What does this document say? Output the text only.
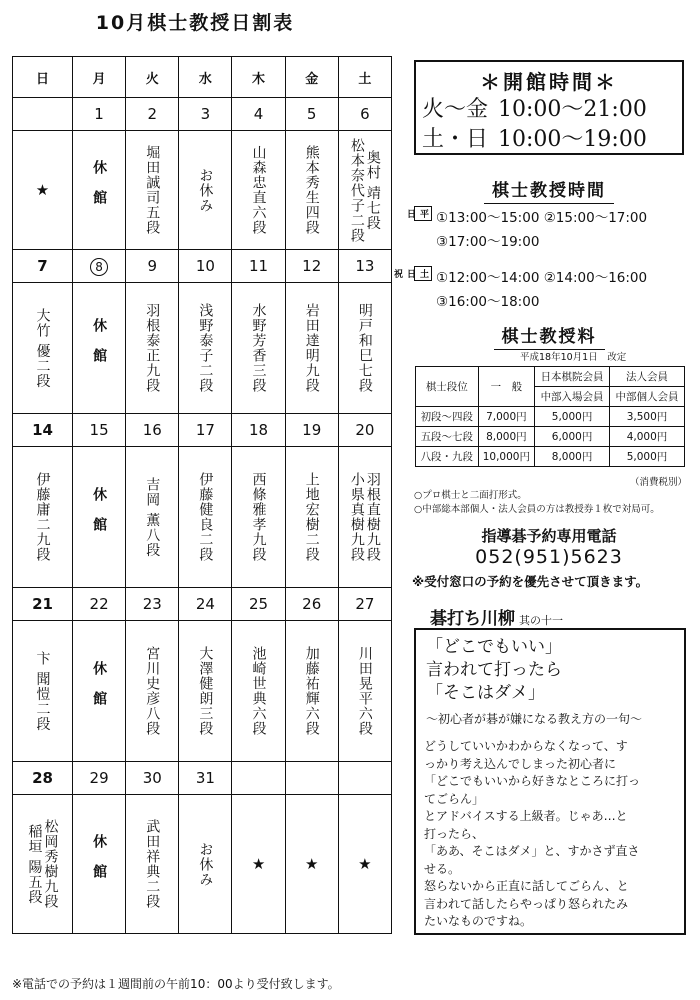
10月棋士教授日割表
日	月	火	水	木	金	土
	1	2	3	4	5	6
★	休館	堀田誠司五段	お休み	山森忠直六段	熊本秀生四段	松本奈代子二段奥村 靖七段
7	8	9	10	11	12	13
大竹 優二段	休館	羽根泰正九段	浅野泰子二段	水野芳香三段	岩田達明九段	明戸和巳七段
14	15	16	17	18	19	20
伊藤庸二九段	休館	吉岡 薫八段	伊藤健良二段	西條雅孝九段	上地宏樹二段	小県真樹九段羽根直樹九段
21	22	23	24	25	26	27
卞 聞愷二段	休館	宮川史彦八段	大澤健朗三段	池崎世典六段	加藤祐輝六段	川田晃平六段
28	29	30	31			
稲垣 陽五段松岡秀樹九段	休館	武田祥典二段	お休み	★	★	★
※電話での予約は１週間前の午前10：00より受付致します。
＊開館時間＊
火～金 10:00～21:00
土・日 10:00～19:00
棋士教授時間
平日	①13:00～15:00 ②15:00～17:00
③17:00～19:00
土日祝	①12:00～14:00 ②14:00～16:00
③16:00～18:00
棋士教授料
平成18年10月1日　改定
棋士段位	一　般	日本棋院会員	法人会員
		中部入場会員	中部個人会員
初段～四段	7,000円	5,000円	3,500円
五段～七段	8,000円	6,000円	4,000円
八段・九段	10,000円	8,000円	5,000円
（消費税別）
○プロ棋士と二面打形式。
○中部総本部個人・法人会員の方は教授券１枚で対局可。
指導碁予約専用電話
052(951)5623
※受付窓口の予約を優先させて頂きます。
碁打ち川柳 其の十一
「どこでもいい」
言われて打ったら
「そこはダメ」
～初心者が碁が嫌になる教え方の一句～
どうしていいかわからなくなって、す
っかり考え込んでしまった初心者に
「どこでもいいから好きなところに打っ
てごらん」
とアドバイスする上級者。じゃあ…と
打ったら、
「ああ、そこはダメ」と、すかさず直さ
せる。
怒らないから正直に話してごらん、と
言われて話したらやっぱり怒られたみ
たいなものですね。
